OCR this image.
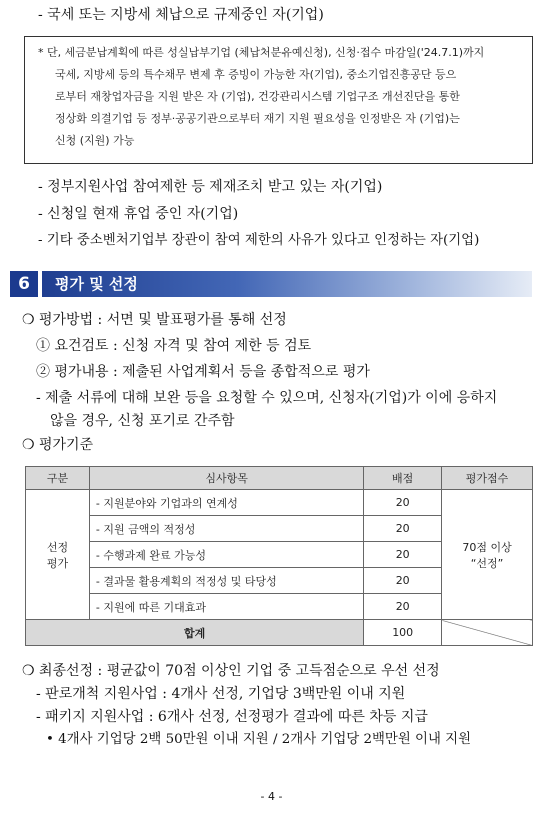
- 국세 또는 지방세 체납으로 규제중인 자(기업)
* 단, 세금분납계획에 따른 성실납부기업 (체납처분유예신청), 신청·접수 마감일('24.7.1)까지
국세, 지방세 등의 특수채무 변제 후 증빙이 가능한 자(기업), 중소기업진흥공단 등으
로부터 재창업자금을 지원 받은 자 (기업), 건강관리시스템 기업구조 개선진단을 통한
정상화 의결기업 등 정부·공공기관으로부터 재기 지원 필요성을 인정받은 자 (기업)는
신청 (지원) 가능
- 정부지원사업 참여제한 등 제재조치 받고 있는 자(기업)
- 신청일 현재 휴업 중인 자(기업)
- 기타 중소벤처기업부 장관이 참여 제한의 사유가 있다고 인정하는 자(기업)
6	평가 및 선정
❍ 평가방법 : 서면 및 발표평가를 통해 선정
① 요건검토 : 신청 자격 및 참여 제한 등 검토
② 평가내용 : 제출된 사업계획서 등을 종합적으로 평가
- 제출 서류에 대해 보완 등을 요청할 수 있으며, 신청자(기업)가 이에 응하지
않을 경우, 신청 포기로 간주함
❍ 평가기준
구분	심사항목	배점	평가점수
선정
평가	- 지원분야와 기업과의 연계성	20	70점 이상
“선정”
	- 지원 금액의 적정성	20	
	- 수행과제 완료 가능성	20	
	- 결과물 활용계획의 적정성 및 타당성	20	
	- 지원에 따른 기대효과	20	
합계		100	
❍ 최종선정 : 평균값이 70점 이상인 기업 중 고득점순으로 우선 선정
- 판로개척 지원사업 : 4개사 선정, 기업당 3백만원 이내 지원
- 패키지 지원사업 : 6개사 선정, 선정평가 결과에 따른 차등 지급
• 4개사 기업당 2백 50만원 이내 지원 / 2개사 기업당 2백만원 이내 지원
- 4 -
